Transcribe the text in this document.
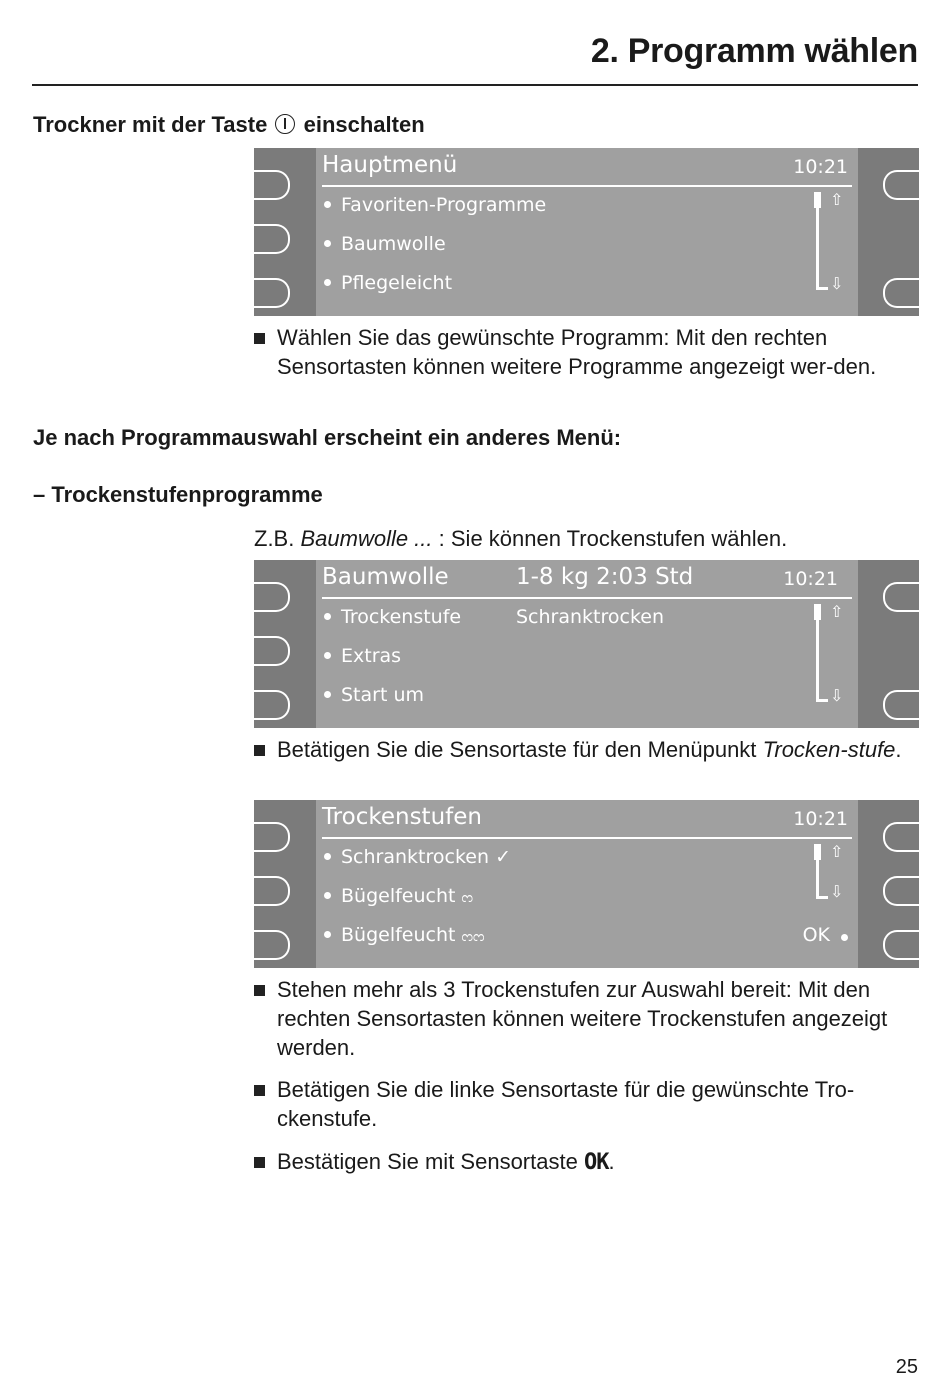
2. Programm wählen
Trockner mit der Taste einschalten
Hauptmenü	10:21
Favoriten-Programme
Baumwolle
Pflegeleicht
⇧
⇩
Wählen Sie das gewünschte Programm: Mit den rechten Sensortasten können weitere Programme angezeigt wer-den.
Je nach Programmauswahl erscheint ein anderes Menü:
– Trockenstufenprogramme
Z.B. Baumwolle ... : Sie können Trockenstufen wählen.
Baumwolle	1-8 kg 2:03 Std	10:21
Trockenstufe	Schranktrocken
Extras
Start um
⇧
⇩
Betätigen Sie die Sensortaste für den Menüpunkt Trocken-stufe.
Trockenstufen	10:21
Schranktrocken ✓
Bügelfeucht ᦂ
Bügelfeucht ᦂᦂ
⇧
⇩
OK
Stehen mehr als 3 Trockenstufen zur Auswahl bereit: Mit den rechten Sensortasten können weitere Trockenstufen angezeigt werden.
Betätigen Sie die linke Sensortaste für die gewünschte Tro-ckenstufe.
Bestätigen Sie mit Sensortaste OK.
25
